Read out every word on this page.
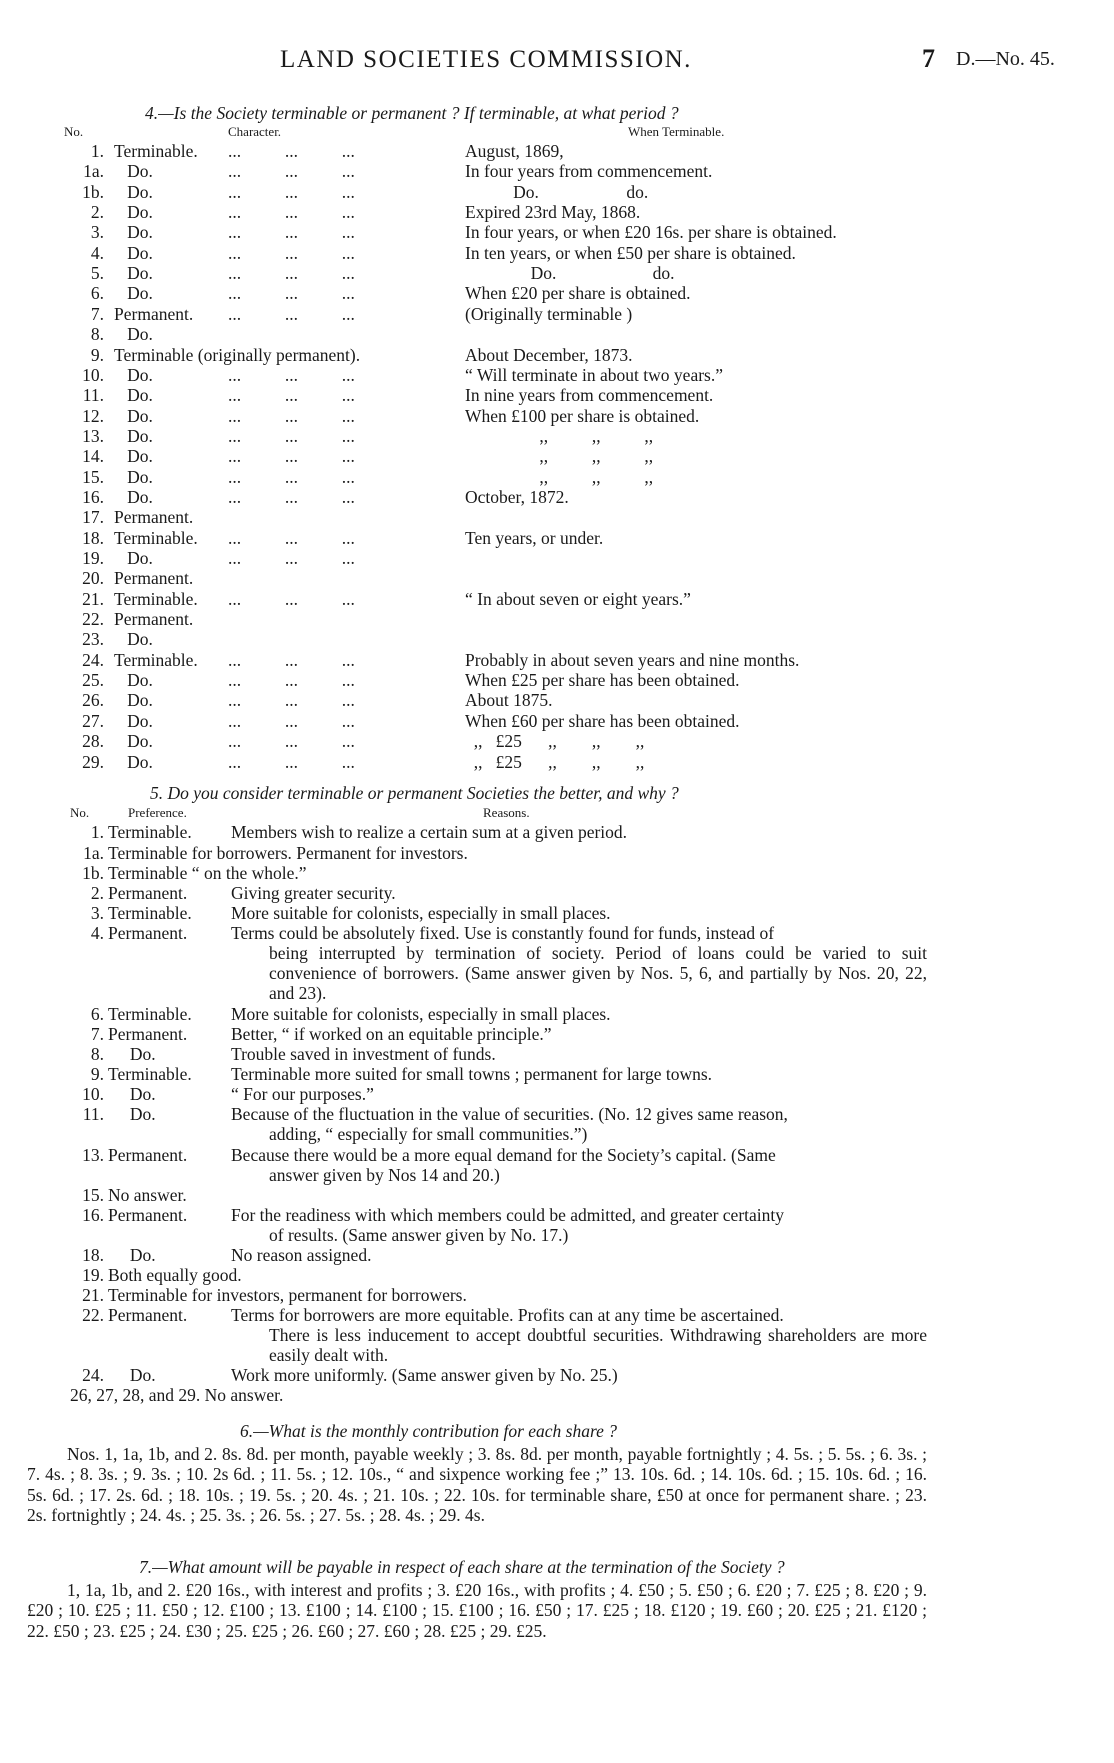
LAND SOCIETIES COMMISSION.	7 D.—No. 45.
4.—Is the Society terminable or permanent ? If terminable, at what period ?
No.	Character.	When Terminable.
1. Terminable. ...          ...          ...	August, 1869,
1a. Do.	...          ...          ...	In four years from commencement.
1b. Do.	...          ...          ...	Do.                    do.
2. Do.	...          ...          ...	Expired 23rd May, 1868.
3. Do.	...          ...          ...	In four years, or when £20 16s. per share is obtained.
4. Do.	...          ...          ...	In ten years, or when £50 per share is obtained.
5. Do.	...          ...          ...	Do.                      do.
6. Do.	...          ...          ...	When £20 per share is obtained.
7. Permanent. ...          ...          ...	(Originally terminable )
8. Do.
9. Terminable (originally permanent).	About December, 1873.
10. Do.	...          ...          ...	“ Will terminate in about two years.”
11. Do.	...          ...          ...	In nine years from commencement.
12. Do.	...          ...          ...	When £100 per share is obtained.
13. Do.	...          ...          ...	,,          ,,          ,,
14. Do.	...          ...          ...	,,          ,,          ,,
15. Do.	...          ...          ...	,,          ,,          ,,
16. Do.	...          ...          ...	October, 1872.
17. Permanent.
18. Terminable. ...          ...          ...	Ten years, or under.
19. Do.	...          ...          ...
20. Permanent.
21. Terminable. ...          ...          ...	“ In about seven or eight years.”
22. Permanent.
23. Do.
24. Terminable. ...          ...          ...	Probably in about seven years and nine months.
25. Do.	...          ...          ...	When £25 per share has been obtained.
26. Do.	...          ...          ...	About 1875.
27. Do.	...          ...          ...	When £60 per share has been obtained.
28. Do.	...          ...          ...	,,   £25      ,,        ,,        ,,
29. Do.	...          ...          ...	,,   £25      ,,        ,,        ,,
5. Do you consider terminable or permanent Societies the better, and why ?
No.	Preference.	Reasons.
1. Terminable. Members wish to realize a certain sum at a given period.
1a. Terminable for borrowers. Permanent for investors.
1b. Terminable “ on the whole.”
2. Permanent.	Giving greater security.
3. Terminable. More suitable for colonists, especially in small places.
4. Permanent.	Terms could be absolutely fixed. Use is constantly found for funds, instead of
being interrupted by termination of society. Period of loans could be varied to suit convenience of borrowers. (Same answer given by Nos. 5, 6, and partially by Nos. 20, 22, and 23).
6. Terminable. More suitable for colonists, especially in small places.
7. Permanent.	Better, “ if worked on an equitable principle.”
8. Do.	Trouble saved in investment of funds.
9. Terminable. Terminable more suited for small towns ; permanent for large towns.
10. Do.	“ For our purposes.”
11. Do.	Because of the fluctuation in the value of securities. (No. 12 gives same reason,
adding, “ especially for small communities.”)
13. Permanent.	Because there would be a more equal demand for the Society’s capital. (Same
answer given by Nos 14 and 20.)
15. No answer.
16. Permanent.	For the readiness with which members could be admitted, and greater certainty
of results. (Same answer given by No. 17.)
18. Do.	No reason assigned.
19. Both equally good.
21. Terminable for investors, permanent for borrowers.
22. Permanent.	Terms for borrowers are more equitable. Profits can at any time be ascertained.
There is less inducement to accept doubtful securities. Withdrawing shareholders are more easily dealt with.
24. Do.	Work more uniformly. (Same answer given by No. 25.)
26, 27, 28, and 29. No answer.
6.—What is the monthly contribution for each share ?
Nos. 1, 1a, 1b, and 2. 8s. 8d. per month, payable weekly ; 3. 8s. 8d. per month, payable fortnightly ; 4. 5s. ; 5. 5s. ; 6. 3s. ; 7. 4s. ; 8. 3s. ; 9. 3s. ; 10. 2s 6d. ; 11. 5s. ; 12. 10s., “ and sixpence working fee ;” 13. 10s. 6d. ; 14. 10s. 6d. ; 15. 10s. 6d. ; 16. 5s. 6d. ; 17. 2s. 6d. ; 18. 10s. ; 19. 5s. ; 20. 4s. ; 21. 10s. ; 22. 10s. for terminable share, £50 at once for permanent share. ; 23. 2s. fortnightly ; 24. 4s. ; 25. 3s. ; 26. 5s. ; 27. 5s. ; 28. 4s. ; 29. 4s.
7.—What amount will be payable in respect of each share at the termination of the Society ?
1, 1a, 1b, and 2. £20 16s., with interest and profits ; 3. £20 16s., with profits ; 4. £50 ; 5. £50 ; 6. £20 ; 7. £25 ; 8. £20 ; 9. £20 ; 10. £25 ; 11. £50 ; 12. £100 ; 13. £100 ; 14. £100 ; 15. £100 ; 16. £50 ; 17. £25 ; 18. £120 ; 19. £60 ; 20. £25 ; 21. £120 ; 22. £50 ; 23. £25 ; 24. £30 ; 25. £25 ; 26. £60 ; 27. £60 ; 28. £25 ; 29. £25.
